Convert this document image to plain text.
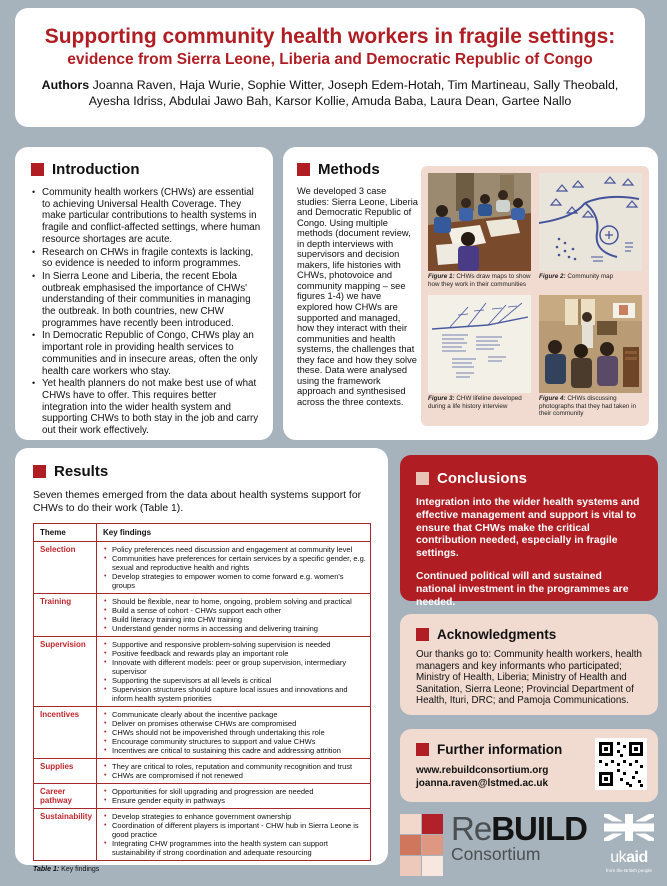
Supporting community health workers in fragile settings:
evidence from Sierra Leone, Liberia and Democratic Republic of Congo

Authors Joanna Raven, Haja Wurie, Sophie Witter, Joseph Edem-Hotah, Tim Martineau, Sally Theobald, Ayesha Idriss, Abdulai Jawo Bah, Karsor Kollie, Amuda Baba, Laura Dean, Gartee Nallo

Introduction
• Community health workers (CHWs) are essential to achieving Universal Health Coverage. They make particular contributions to health systems in fragile and conflict-affected settings, where human resource shortages are acute.
• Research on CHWs in fragile contexts is lacking, so evidence is needed to inform programmes.
• In Sierra Leone and Liberia, the recent Ebola outbreak emphasised the importance of CHWs' understanding of their communities in managing the outbreak. In both countries, new CHW programmes have recently been introduced.
• In Democratic Republic of Congo, CHWs play an important role in providing health services to communities and in insecure areas, often the only health care workers who stay.
• Yet health planners do not make best use of what CHWs have to offer. This requires better integration into the wider health system and supporting CHWs to both stay in the job and carry out their work effectively.
Methods

We developed 3 case studies: Sierra Leone, Liberia and Democratic Republic of Congo. Using multiple methods (document review, in depth interviews with supervisors and decision makers, life histories with CHWs, photovoice and community mapping – see figures 1-4) we have explored how CHWs are supported and managed, how they interact with their communities and health systems, the challenges that they face and how they solve these. Data were analysed using the framework approach and synthesised across the three contexts.

Figure 1: CHWs draw maps to show how they work in their communities
Figure 2: Community map
Figure 3: CHW lifeline developed during a life history interview
Figure 4: CHWs discussing photographs that they had taken in their community
Results

Seven themes emerged from the data about health systems support for CHWs to do their work (Table 1).

Theme	Key findings
Selection	
•Policy preferences need discussion and engagement at community level
• Communities have preferences for certain services by a specific gender, e.g. sexual and reproductive health and rights
• Develop strategies to empower women to come forward e.g. women's groups

Training	
•Should be flexible, near to home, ongoing, problem solving and practical
• Build a sense of cohort - CHWs support each other
• Build literacy training into CHW training
• Understand gender norms in accessing and delivering training

Supervision	
•Supportive and responsive problem-solving supervision is needed
• Positive feedback and rewards play an important role
• Innovate with different models: peer or group supervision, intermediary supervisor
• Supporting the supervisors at all levels is critical
• Supervision structures should capture local issues and innovations and inform health system priorities

Incentives	
•Communicate clearly about the incentive package
• Deliver on promises otherwise CHWs are compromised
• CHWs should not be impoverished through undertaking this role
• Encourage community structures to support and value CHWs
• Incentives are critical to sustaining this cadre and addressing attrition

Supplies	
•They are critical to roles, reputation and community recognition and trust
• CHWs are compromised if not renewed

Career pathway	
• Opportunities for skill upgrading and progression are needed
• Ensure gender equity in pathways

Sustainability	
•Develop strategies to enhance government ownership
• Coordination of different players is important - CHW hub in Sierra Leone is good practice
• Integrating CHW programmes into the health system can support sustainability if strong coordination and adequate resourcing
Table 1: Key findings
Conclusions

Integration into the wider health systems and effective management and support is vital to ensure that CHWs make the critical contribution needed, especially in fragile settings.

Continued political will and sustained national investment in the programmes are needed.

Acknowledgments

Our thanks go to: Community health workers, health managers and key informants who participated; Ministry of Health, Liberia; Ministry of Health and Sanitation, Sierra Leone; Provincial Department of Health, Ituri, DRC; and Pamoja Communications.

Further information
www.rebuildconsortium.org
joanna.raven@lstmed.ac.uk
ReBUILD
Consortium	ukaid
from the British people
